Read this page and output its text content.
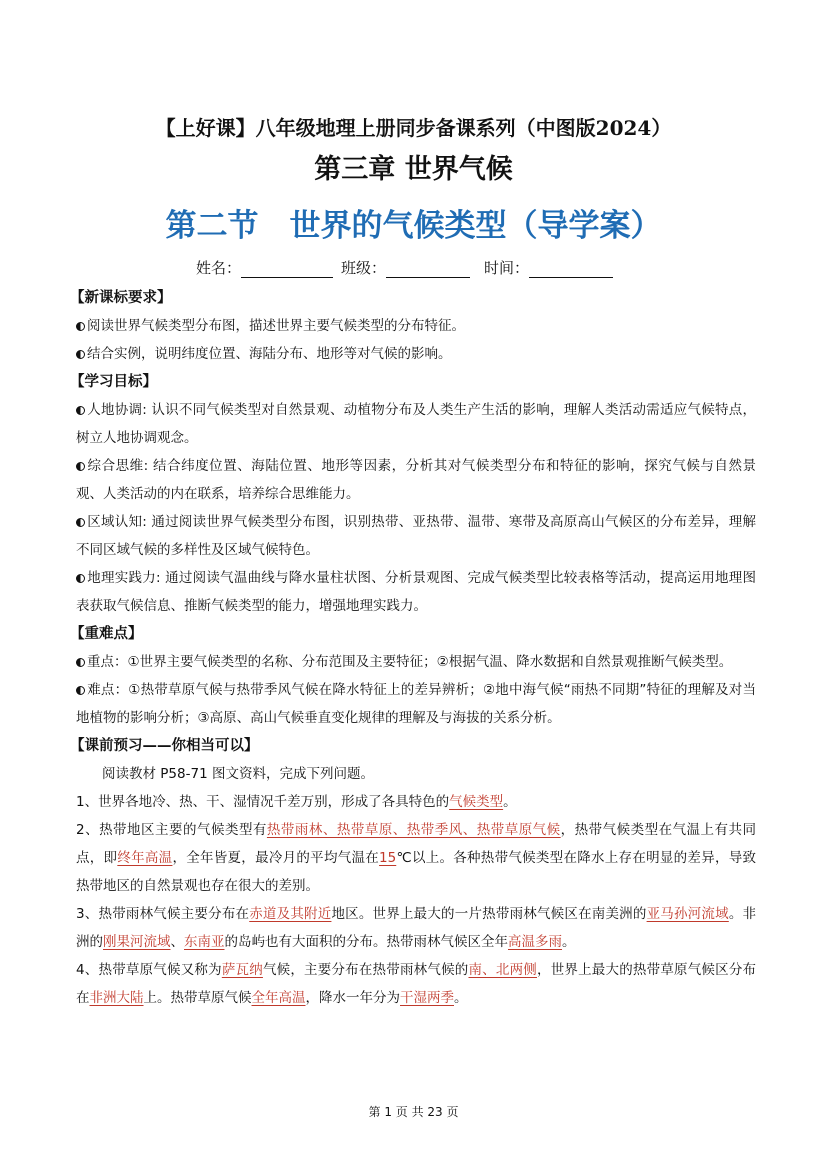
【上好课】八年级地理上册同步备课系列（中图版2024）
第三章 世界气候
第二节　世界的气候类型（导学案）
姓名：	班级：	时间：
【新课标要求】
阅读世界气候类型分布图，描述世界主要气候类型的分布特征。
结合实例，说明纬度位置、海陆分布、地形等对气候的影响。
【学习目标】
人地协调: 认识不同气候类型对自然景观、动植物分布及人类生产生活的影响，理解人类活动需适应气候特点，树立人地协调观念。
综合思维: 结合纬度位置、海陆位置、地形等因素，分析其对气候类型分布和特征的影响，探究气候与自然景观、人类活动的内在联系，培养综合思维能力。
区域认知: 通过阅读世界气候类型分布图，识别热带、亚热带、温带、寒带及高原高山气候区的分布差异，理解不同区域气候的多样性及区域气候特色。
地理实践力: 通过阅读气温曲线与降水量柱状图、分析景观图、完成气候类型比较表格等活动，提高运用地理图表获取气候信息、推断气候类型的能力，增强地理实践力。
【重难点】
重点：①世界主要气候类型的名称、分布范围及主要特征；②根据气温、降水数据和自然景观推断气候类型。
难点：①热带草原气候与热带季风气候在降水特征上的差异辨析；②地中海气候“雨热不同期”特征的理解及对当地植物的影响分析；③高原、高山气候垂直变化规律的理解及与海拔的关系分析。
【课前预习——你相当可以】
阅读教材 P58-71 图文资料，完成下列问题。
1、世界各地冷、热、干、湿情况千差万别，形成了各具特色的气候类型。
2、热带地区主要的气候类型有热带雨林、热带草原、热带季风、热带草原气候，热带气候类型在气温上有共同点，即终年高温，全年皆夏，最冷月的平均气温在15℃以上。各种热带气候类型在降水上存在明显的差异，导致热带地区的自然景观也存在很大的差别。
3、热带雨林气候主要分布在赤道及其附近地区。世界上最大的一片热带雨林气候区在南美洲的亚马孙河流域。非洲的刚果河流域、东南亚的岛屿也有大面积的分布。热带雨林气候区全年高温多雨。
4、热带草原气候又称为萨瓦纳气候，主要分布在热带雨林气候的南、北两侧，世界上最大的热带草原气候区分布在非洲大陆上。热带草原气候全年高温，降水一年分为干湿两季。
第 1 页 共 23 页
